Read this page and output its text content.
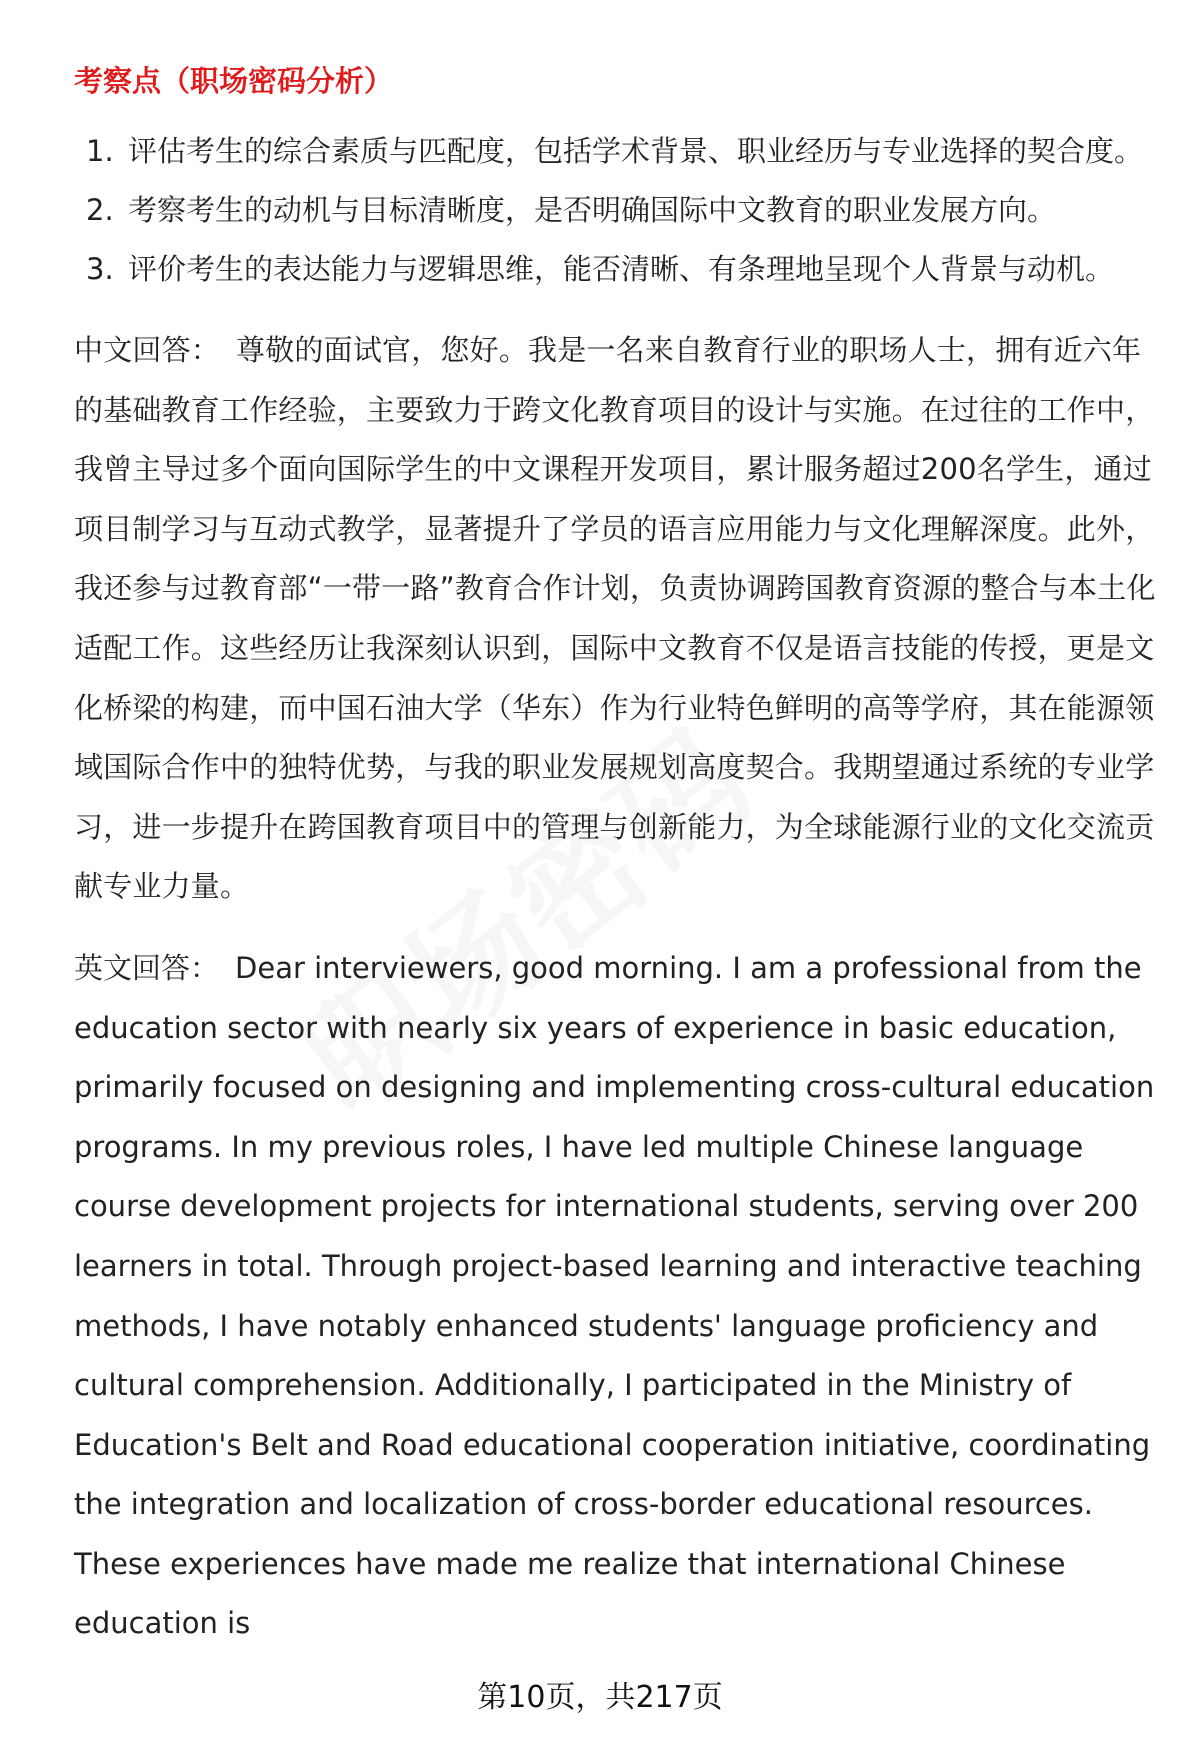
考察点（职场密码分析）
1. 评估考生的综合素质与匹配度，包括学术背景、职业经历与专业选择的契合度。
2. 考察考生的动机与目标清晰度，是否明确国际中文教育的职业发展方向。
3. 评价考生的表达能力与逻辑思维，能否清晰、有条理地呈现个人背景与动机。

中文回答： 尊敬的面试官，您好。我是一名来自教育行业的职场人士，拥有近六年的基础教育工作经验，主要致力于跨文化教育项目的设计与实施。在过往的工作中，我曾主导过多个面向国际学生的中文课程开发项目，累计服务超过200名学生，通过项目制学习与互动式教学，显著提升了学员的语言应用能力与文化理解深度。此外，我还参与过教育部“一带一路”教育合作计划，负责协调跨国教育资源的整合与本土化适配工作。这些经历让我深刻认识到，国际中文教育不仅是语言技能的传授，更是文化桥梁的构建，而中国石油大学（华东）作为行业特色鲜明的高等学府，其在能源领域国际合作中的独特优势，与我的职业发展规划高度契合。我期望通过系统的专业学习，进一步提升在跨国教育项目中的管理与创新能力，为全球能源行业的文化交流贡献专业力量。

英文回答： Dear interviewers, good morning. I am a professional from the education sector with nearly six years of experience in basic education, primarily focused on designing and implementing cross-cultural education programs. In my previous roles, I have led multiple Chinese language course development projects for international students, serving over 200 learners in total. Through project-based learning and interactive teaching methods, I have notably enhanced students' language proficiency and cultural comprehension. Additionally, I participated in the Ministry of Education's Belt and Road educational cooperation initiative, coordinating the integration and localization of cross-border educational resources. These experiences have made me realize that international Chinese education is

第10页，共217页
